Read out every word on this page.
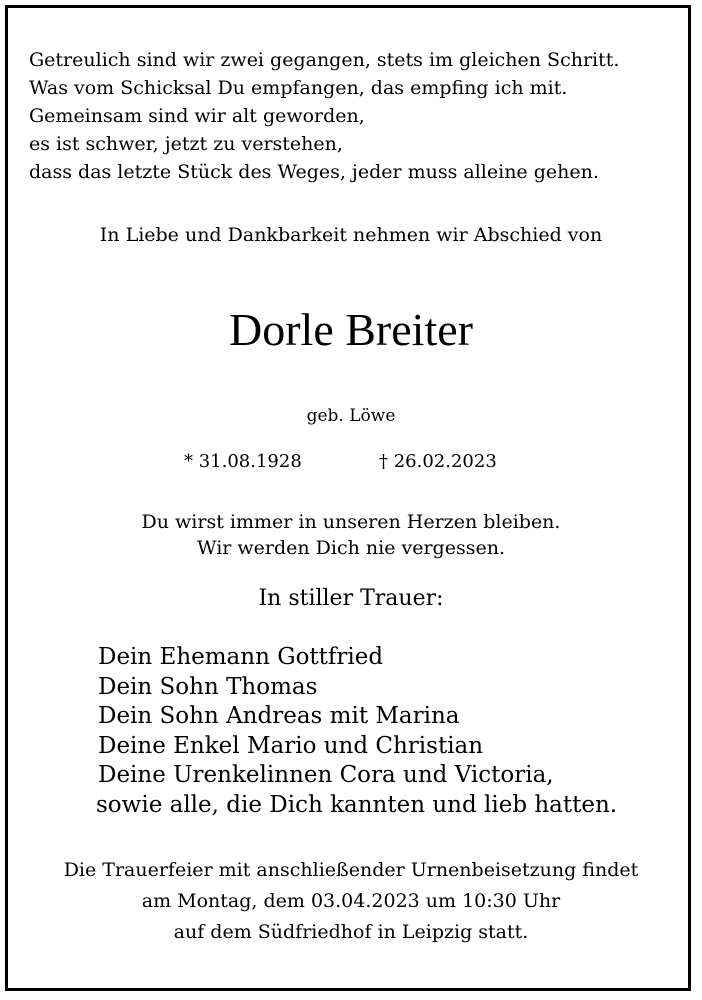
Getreulich sind wir zwei gegangen, stets im gleichen Schritt.
Was vom Schicksal Du empfangen, das empfing ich mit.
Gemeinsam sind wir alt geworden,
es ist schwer, jetzt zu verstehen,
dass das letzte Stück des Weges, jeder muss alleine gehen.
In Liebe und Dankbarkeit nehmen wir Abschied von
Dorle Breiter
geb. Löwe
* 31.08.1928	† 26.02.2023
Du wirst immer in unseren Herzen bleiben.
Wir werden Dich nie vergessen.
In stiller Trauer:
Dein Ehemann Gottfried
Dein Sohn Thomas
Dein Sohn Andreas mit Marina
Deine Enkel Mario und Christian
Deine Urenkelinnen Cora und Victoria,
sowie alle, die Dich kannten und lieb hatten.
Die Trauerfeier mit anschließender Urnenbeisetzung findet
am Montag, dem 03.04.2023 um 10:30 Uhr
auf dem Südfriedhof in Leipzig statt.
